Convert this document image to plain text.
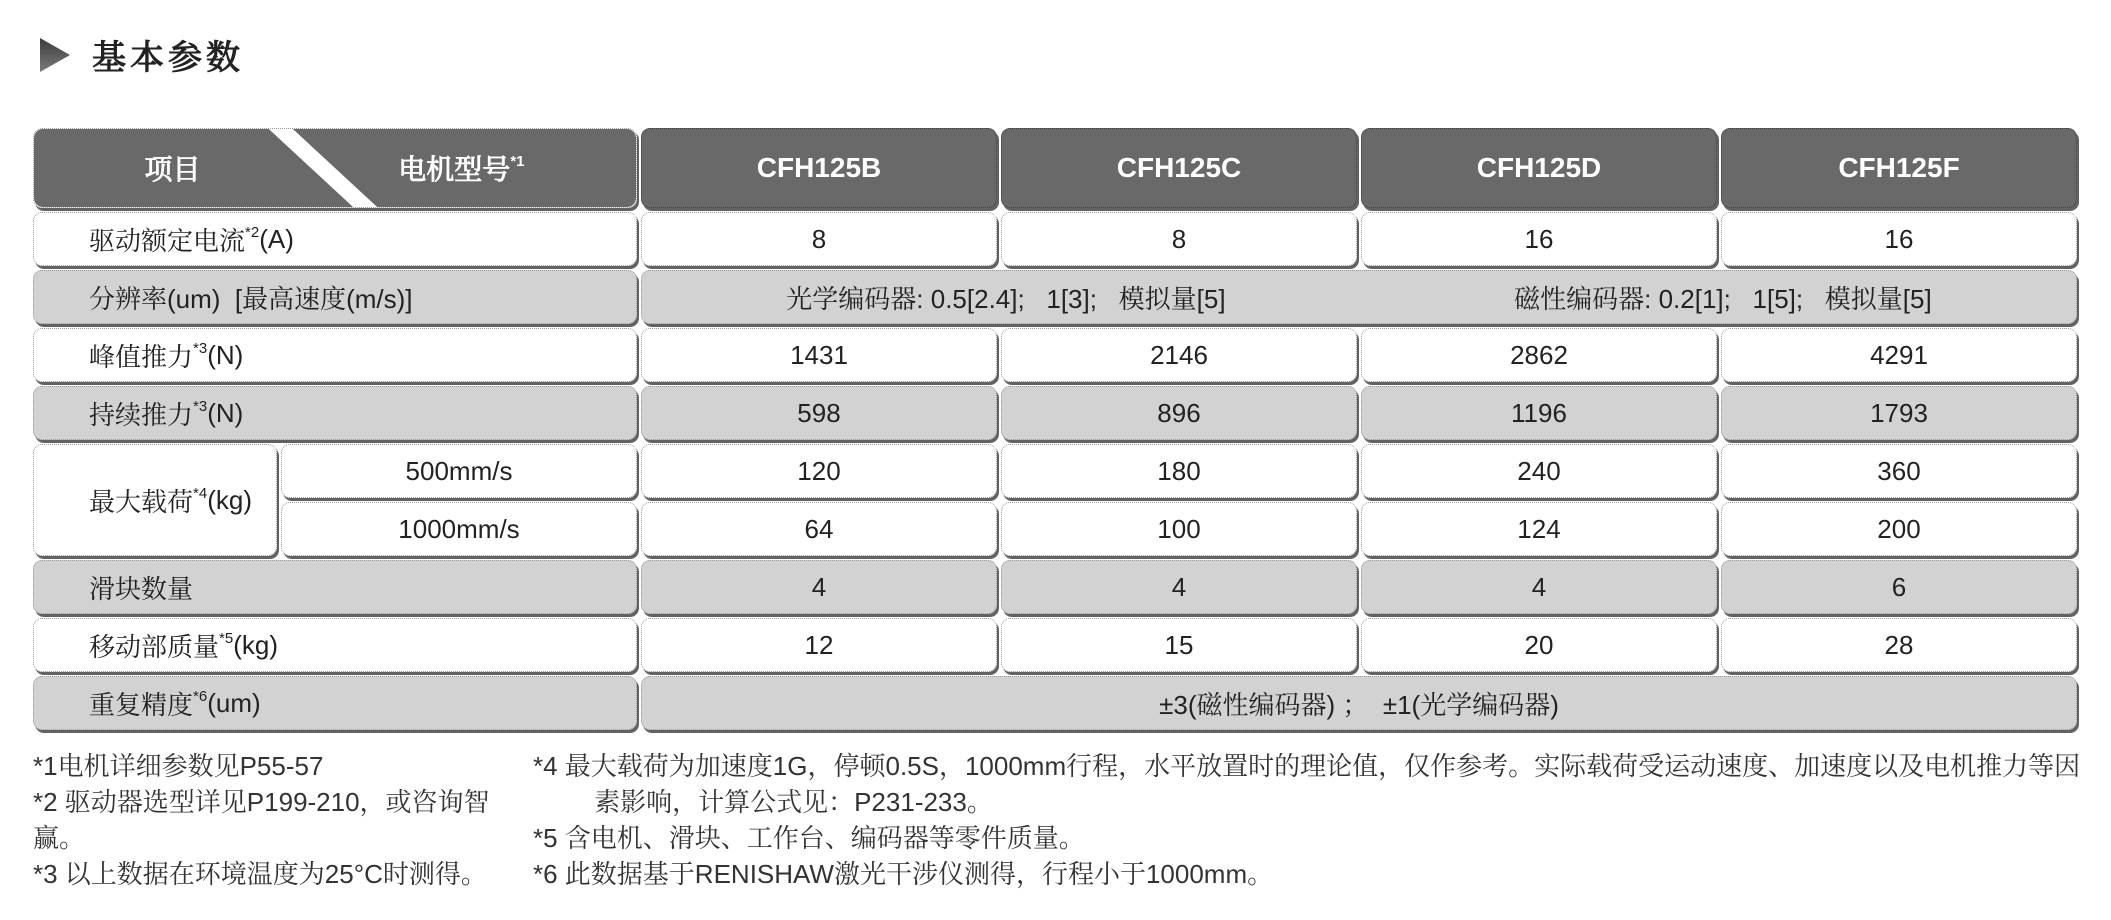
基本参数
项目	电机型号 *1	CFH125B	CFH125C	CFH125D	CFH125F
驱动额定电流 *2 (A)	8	8	16	16
分辨率(um)  [最高速度(m/s)]	光学编码器: 0.5[2.4];   1[3];   模拟量[5]	磁性编码器: 0.2[1];   1[5];   模拟量[5]
峰值推力 *3 (N)	1431	2146	2862	4291
持续推力 *3 (N)	598	896	1196	1793
最大载荷 *4 (kg)
500mm/s	120	180	240	360
1000mm/s	64	100	124	200
滑块数量	4	4	4	6
移动部质量 *5 (kg)	12	15	20	28
重复精度 *6 (um)	±3(磁性编码器) ；  ±1(光学编码器)

*1电机详细参数见P55-57

*2 驱动器选型详见P199-210，或咨询智赢。

*3 以上数据在环境温度为25°C时测得。

*4 最大载荷为加速度1G，停顿0.5S，1000mm行程，水平放置时的理论值，仅作参考。实际载荷受运动速度、加速度以及电机推力等因素影响，计算公式见：P231-233。

*5 含电机、滑块、工作台、编码器等零件质量。

*6 此数据基于RENISHAW激光干涉仪测得，行程小于1000mm。
